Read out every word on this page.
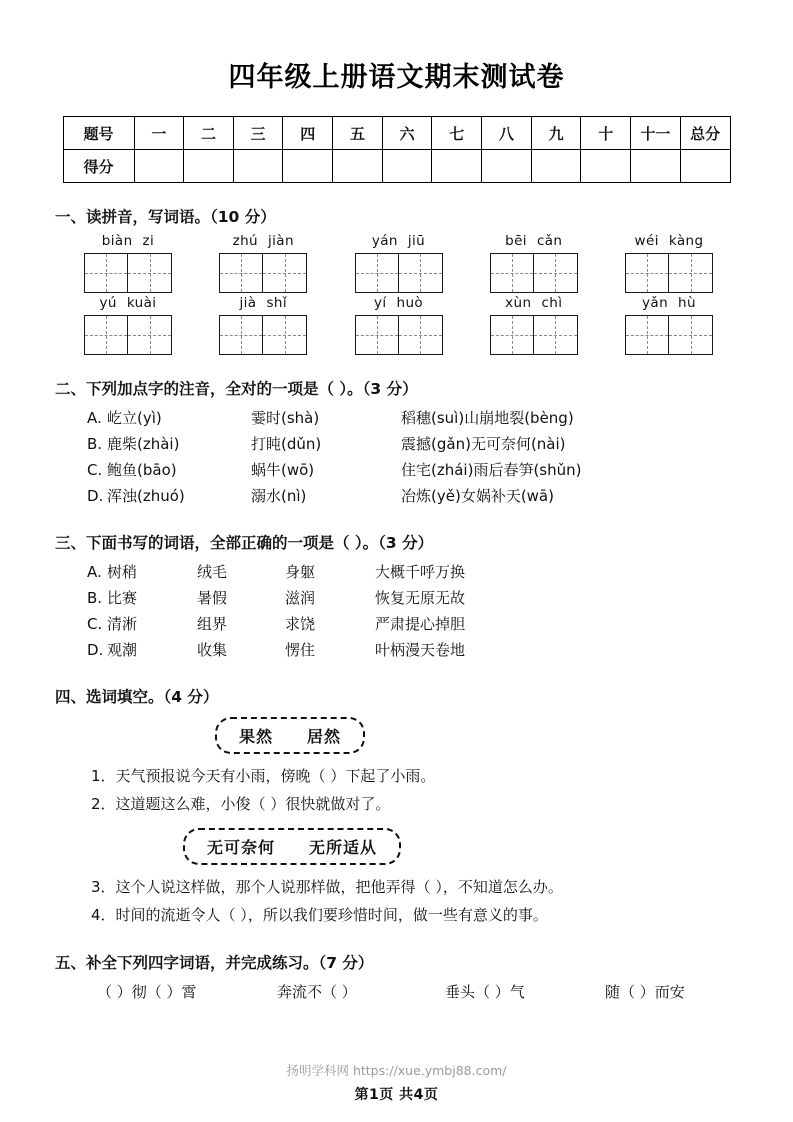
四年级上册语文期末测试卷
题号	一	二	三	四	五	六	七	八	九	十	十一	总分
得分												
一、读拼音，写词语。（10 分）
biàn zi	zhú jiàn	yán jiū	bēi cǎn	wéi kàng
yú kuài	jià shǐ	yí huò	xùn chì	yǎn hù
二、下列加点字的注音，全对的一项是（ ）。（3 分）
A. 屹立(yì)	霎时(shà)	稻穗(suì) 山崩地裂(bèng)
B. 鹿柴(zhài)	打盹(dǔn)	震撼(gǎn) 无可奈何(nài)
C. 鲍鱼(bāo)	蜗牛(wō)	住宅(zhái) 雨后春笋(shǔn)
D. 浑浊(zhuó)	溺水(nì)	冶炼(yě) 女娲补天(wā)
三、下面书写的词语，全部正确的一项是（ ）。（3 分）
A. 树稍	绒毛	身躯	大概 千呼万换
B. 比赛	暑假	滋润	恢复 无原无故
C. 清淅	组界	求饶	严肃 提心掉胆
D. 观潮	收集	愣住	叶柄 漫天卷地
四、选词填空。（4 分）
果然 居然
1．天气预报说今天有小雨，傍晚（ ）下起了小雨。
2．这道题这么难，小俊（ ）很快就做对了。
无可奈何 无所适从
3．这个人说这样做，那个人说那样做，把他弄得（ ），不知道怎么办。
4．时间的流逝令人（ ），所以我们要珍惜时间，做一些有意义的事。
五、补全下列四字词语，并完成练习。（7 分）
（ ）彻（ ）霄	奔流不（ ）	垂头（ ）气	随（ ）而安
扬明学科网 https://xue.ymbj88.com/
第1页 共4页
